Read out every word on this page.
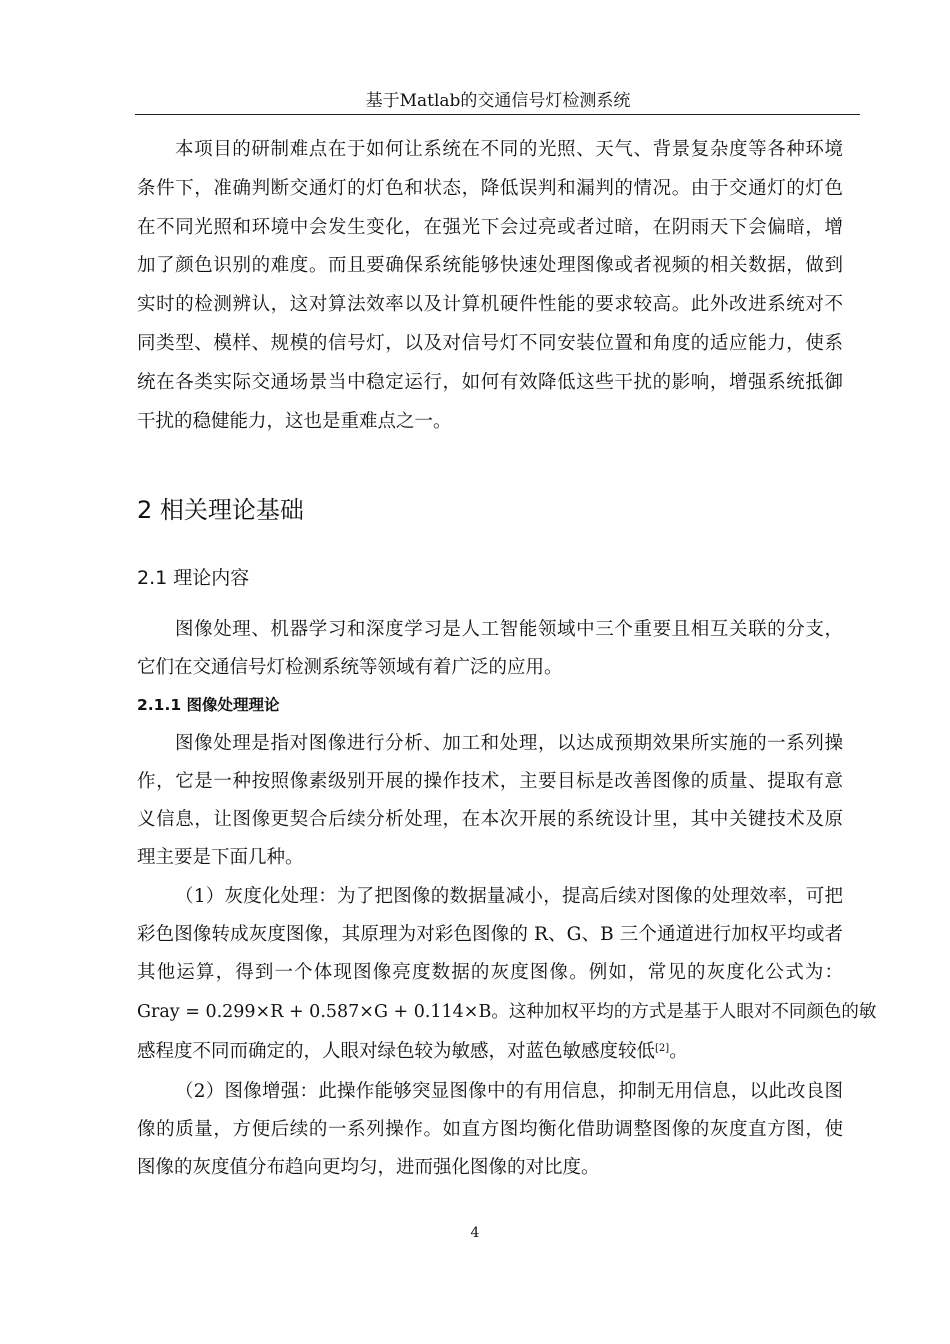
基于Matlab的交通信号灯检测系统
本项目的研制难点在于如何让系统在不同的光照、天气、背景复杂度等各种环境
条件下，准确判断交通灯的灯色和状态，降低误判和漏判的情况。由于交通灯的灯色
在不同光照和环境中会发生变化，在强光下会过亮或者过暗，在阴雨天下会偏暗，增
加了颜色识别的难度。而且要确保系统能够快速处理图像或者视频的相关数据，做到
实时的检测辨认，这对算法效率以及计算机硬件性能的要求较高。此外改进系统对不
同类型、模样、规模的信号灯，以及对信号灯不同安装位置和角度的适应能力，使系
统在各类实际交通场景当中稳定运行，如何有效降低这些干扰的影响，增强系统抵御
干扰的稳健能力，这也是重难点之一。
2 相关理论基础
2.1 理论内容
图像处理、机器学习和深度学习是人工智能领域中三个重要且相互关联的分支，
它们在交通信号灯检测系统等领域有着广泛的应用。
2.1.1 图像处理理论
图像处理是指对图像进行分析、加工和处理，以达成预期效果所实施的一系列操
作，它是一种按照像素级别开展的操作技术，主要目标是改善图像的质量、提取有意
义信息，让图像更契合后续分析处理，在本次开展的系统设计里，其中关键技术及原
理主要是下面几种。
（1）灰度化处理：为了把图像的数据量减小，提高后续对图像的处理效率，可把
彩色图像转成灰度图像，其原理为对彩色图像的 R、G、B 三个通道进行加权平均或者
其他运算，得到一个体现图像亮度数据的灰度图像。例如，常见的灰度化公式为：
Gray = 0.299×R + 0.587×G + 0.114×B。这种加权平均的方式是基于人眼对不同颜色的敏
感程度不同而确定的，人眼对绿色较为敏感，对蓝色敏感度较低[2]。
（2）图像增强：此操作能够突显图像中的有用信息，抑制无用信息，以此改良图
像的质量，方便后续的一系列操作。如直方图均衡化借助调整图像的灰度直方图，使
图像的灰度值分布趋向更均匀，进而强化图像的对比度。
4
